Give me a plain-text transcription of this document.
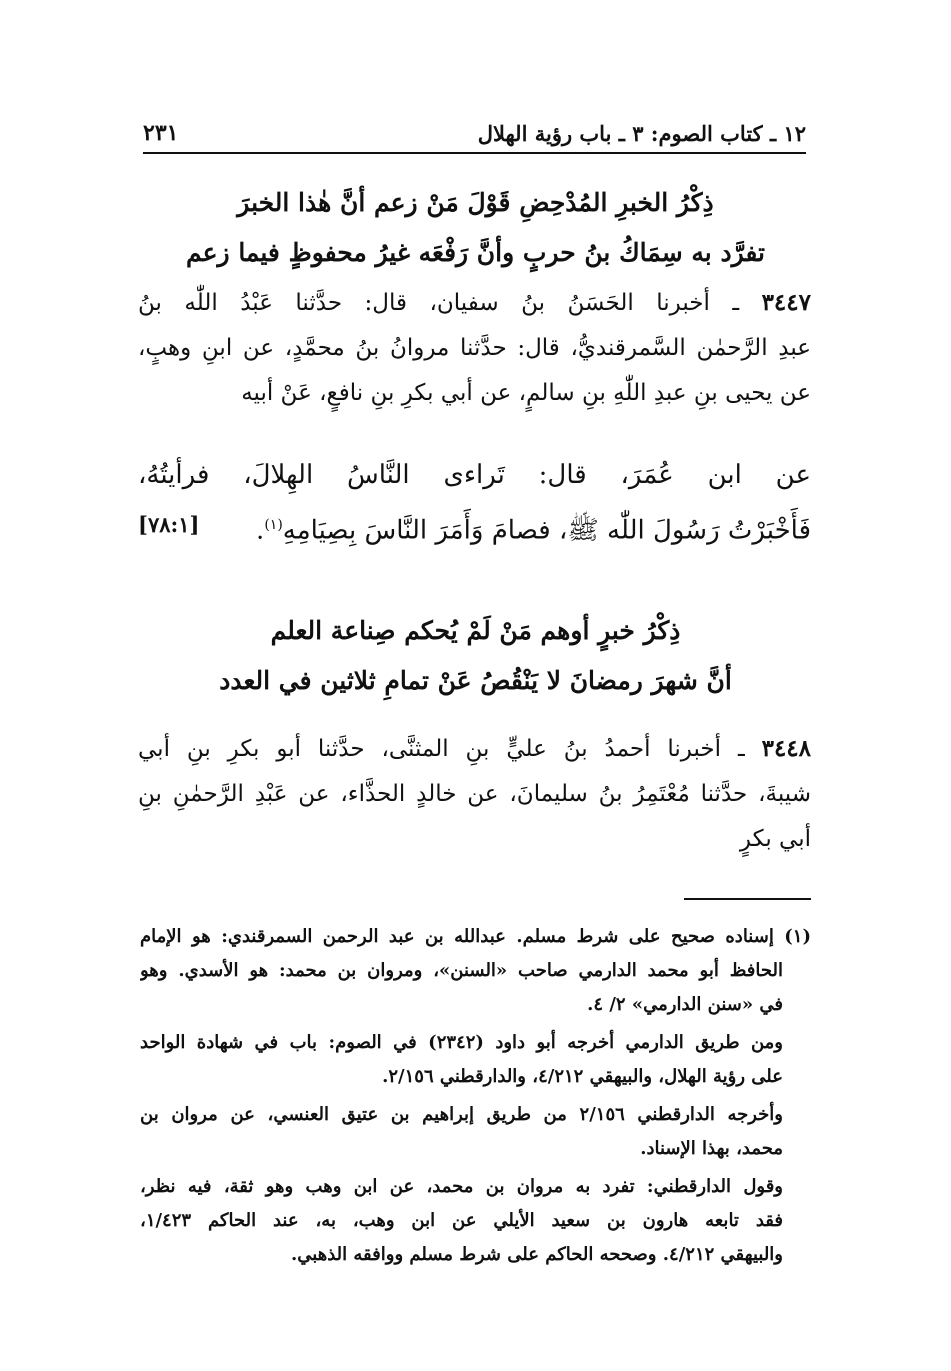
١٢ ـ كتاب الصوم: ٣ ـ باب رؤية الهلال
٢٣١
ذِكْرُ الخبرِ المُدْحِضِ قَوْلَ مَنْ زعم أنَّ هٰذا الخبرَ
تفرَّد به سِمَاكُ بنُ حربٍ وأنَّ رَفْعَه غيرُ محفوظٍ فيما زعم
٣٤٤٧ ـ أخبرنا الحَسَنُ بنُ سفيان، قال: حدَّثنا عَبْدُ اللّٰه بنُ
عبدِ الرَّحمٰن السَّمرقنديُّ، قال: حدَّثنا مروانُ بنُ محمَّدٍ، عن ابنِ وهبٍ،
عن يحيى بنِ عبدِ اللّٰهِ بنِ سالمٍ، عن أبي بكرِ بنِ نافعٍ، عَنْ أبيه
عن ابن عُمَرَ، قال: تَراءى النَّاسُ الهِلالَ، فرأيتُهُ،
فَأَخْبَرْتُ رَسُولَ اللّٰه ﷺ، فصامَ وَأَمَرَ النَّاسَ بِصِيَامِهِ$^{(١)}$.
[٧٨:١]
ذِكْرُ خبرٍ أوهم مَنْ لَمْ يُحكم صِناعة العلم
أنَّ شهرَ رمضانَ لا يَنْقُصُ عَنْ تمامِ ثلاثين في العدد
٣٤٤٨ ـ أخبرنا أحمدُ بنُ عليٍّ بنِ المثنَّى، حدَّثنا أبو بكرِ بنِ أبي
شيبةَ، حدَّثنا مُعْتَمِرُ بنُ سليمانَ، عن خالدٍ الحذَّاء، عن عَبْدِ الرَّحمٰنِ بنِ
أبي بكرٍ
(١) إسناده صحيح على شرط مسلم. عبدالله بن عبد الرحمن السمرقندي: هو الإمام
الحافظ أبو محمد الدارمي صاحب «السنن»، ومروان بن محمد: هو الأسدي. وهو
في «سنن الدارمي» ٢/ ٤.
ومن طريق الدارمي أخرجه أبو داود (٢٣٤٢) في الصوم: باب في شهادة الواحد
على رؤية الهلال، والبيهقي ٤/٢١٢، والدارقطني ٢/١٥٦.
وأخرجه الدارقطني ٢/١٥٦ من طريق إبراهيم بن عتيق العنسي، عن مروان بن
محمد، بهذا الإسناد.
وقول الدارقطني: تفرد به مروان بن محمد، عن ابن وهب وهو ثقة، فيه نظر،
فقد تابعه هارون بن سعيد الأيلي عن ابن وهب، به، عند الحاكم ١/٤٢٣،
والبيهقي ٤/٢١٢. وصححه الحاكم على شرط مسلم ووافقه الذهبي.
